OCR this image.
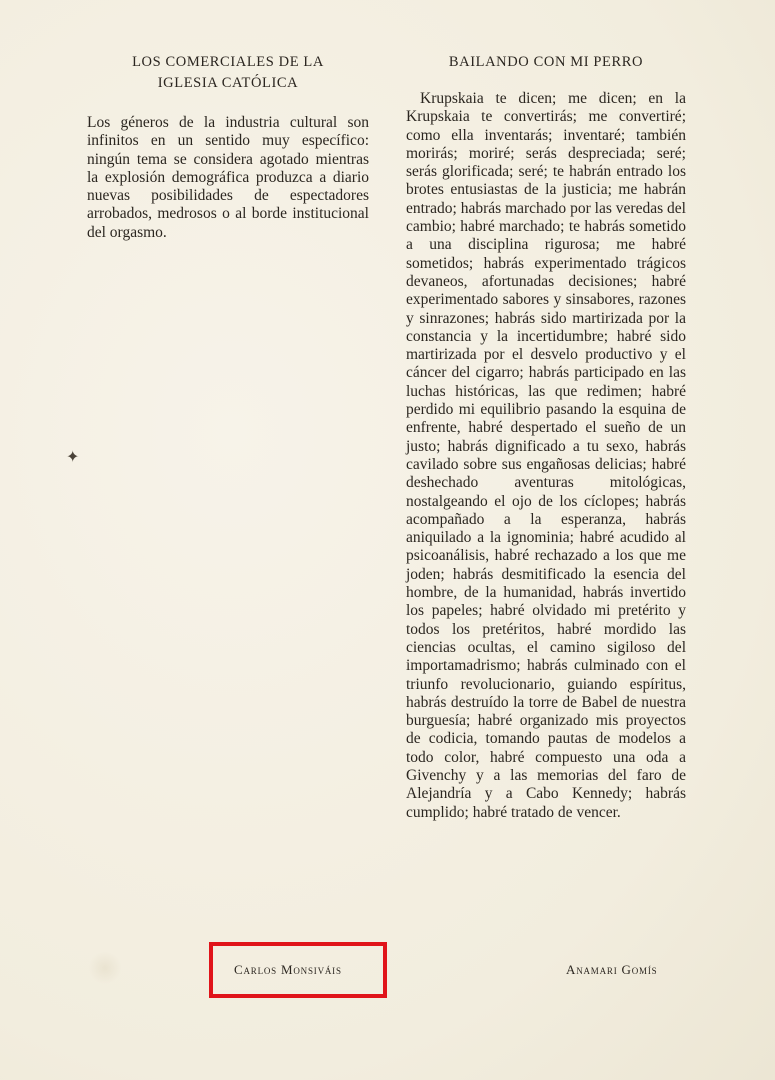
LOS COMERCIALES DE LA
IGLESIA CATÓLICA

Los géneros de la industria cultural son infinitos en un sentido muy específico: ningún tema se considera agotado mientras la explosión demográfica produzca a diario nuevas posibilidades de espectadores arrobados, medrosos o al borde institucional del orgasmo.

BAILANDO CON MI PERRO

Krupskaia te dicen; me dicen; en la Krupskaia te convertirás; me convertiré; como ella inventarás; inventaré; también morirás; moriré; serás despreciada; seré; serás glorificada; seré; te habrán entrado los brotes entusiastas de la justicia; me habrán entrado; habrás marchado por las veredas del cambio; habré marchado; te habrás sometido a una disciplina rigurosa; me habré sometidos; habrás experimentado trágicos devaneos, afortunadas decisiones; habré experimentado sabores y sinsabores, razones y sinrazones; habrás sido martirizada por la constancia y la incertidumbre; habré sido martirizada por el desvelo productivo y el cáncer del cigarro; habrás participado en las luchas históricas, las que redimen; habré perdido mi equilibrio pasando la esquina de enfrente, habré despertado el sueño de un justo; habrás dignificado a tu sexo, habrás cavilado sobre sus engañosas delicias; habré deshechado aventuras mitológicas, nostalgeando el ojo de los cíclopes; habrás acompañado a la esperanza, habrás aniquilado a la ignominia; habré acudido al psicoanálisis, habré rechazado a los que me joden; habrás desmitificado la esencia del hombre, de la humanidad, habrás invertido los papeles; habré olvidado mi pretérito y todos los pretéritos, habré mordido las ciencias ocultas, el camino sigiloso del importamadrismo; habrás culminado con el triunfo revolucionario, guiando espíritus, habrás destruído la torre de Babel de nuestra burguesía; habré organizado mis proyectos de codicia, tomando pautas de modelos a todo color, habré compuesto una oda a Givenchy y a las memorias del faro de Alejandría y a Cabo Kennedy; habrás cumplido; habré tratado de vencer.

Carlos Monsiváis	Anamari Gomís

✦
